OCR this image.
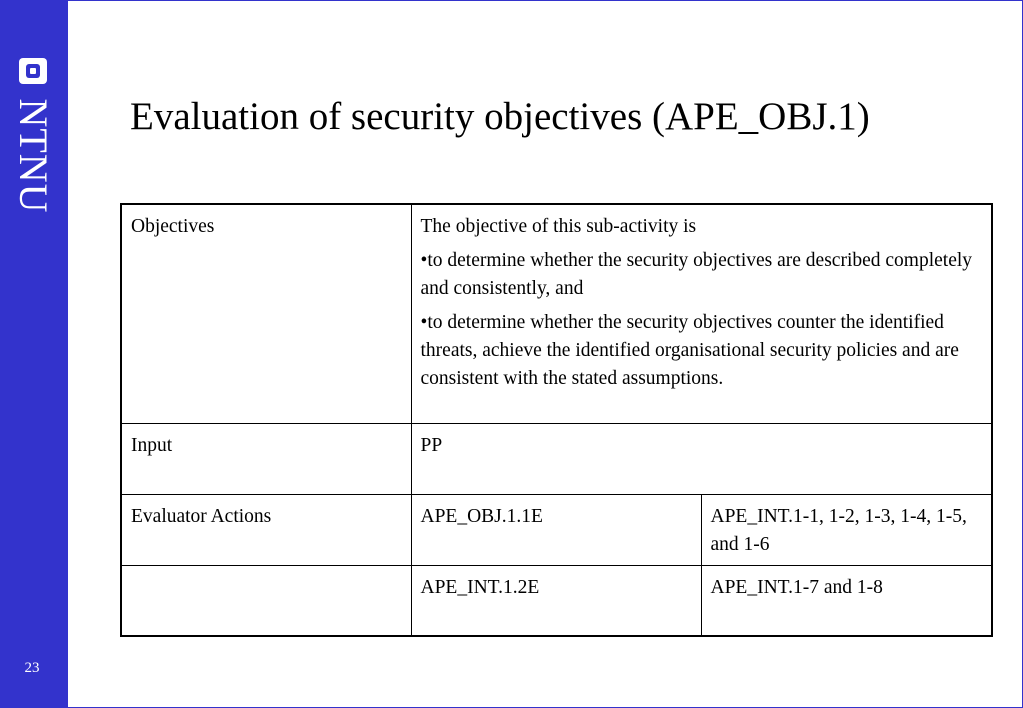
NTNU
23
Evaluation of security objectives (APE_OBJ.1)
Objectives	The objective of this sub-activity is

•to determine whether the security objectives are described completely and consistently, and

•to determine whether the security objectives counter the identified threats, achieve the identified organisational security policies and are consistent with the stated assumptions.	

Input	PP	
Evaluator Actions	APE_OBJ.1.1E	APE_INT.1-1, 1-2, 1-3, 1-4, 1-5, and 1-6
	APE_INT.1.2E	APE_INT.1-7 and 1-8
